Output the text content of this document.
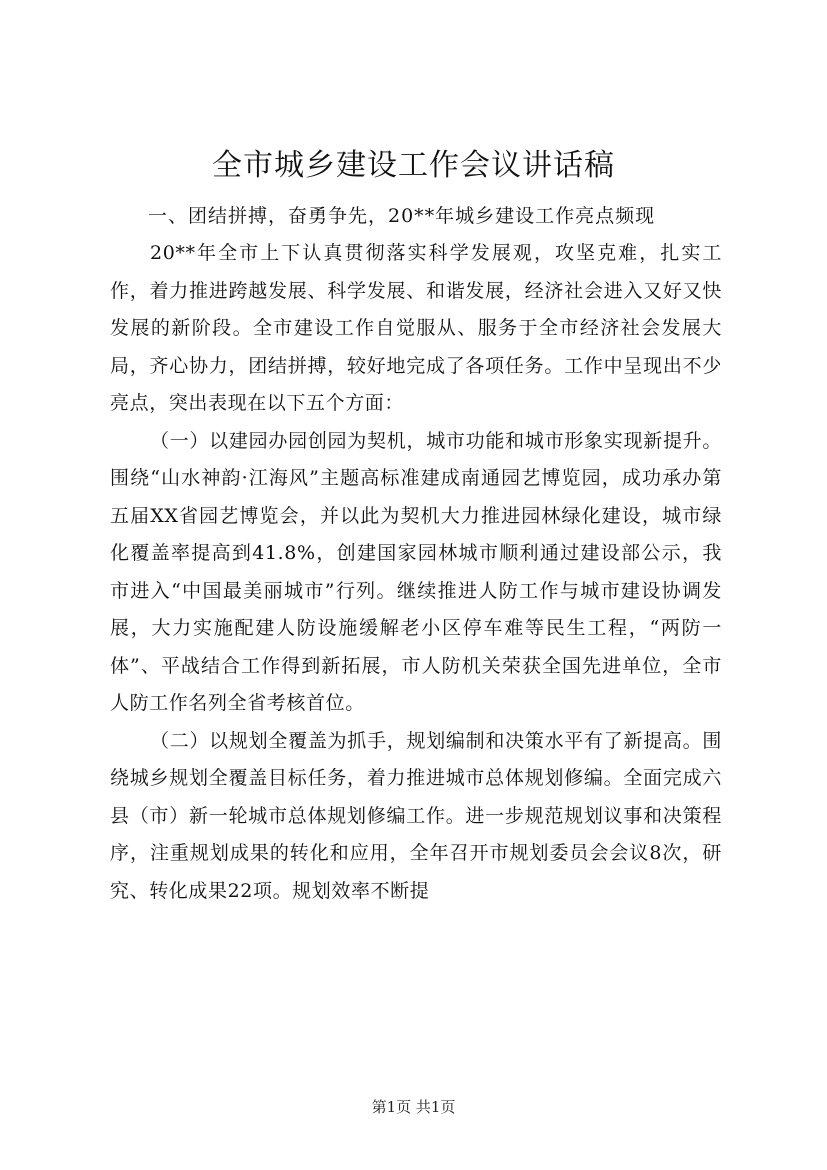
全市城乡建设工作会议讲话稿

一、团结拼搏，奋勇争先，20**年城乡建设工作亮点频现

20**年全市上下认真贯彻落实科学发展观，攻坚克难，扎实工作，着力推进跨越发展、科学发展、和谐发展，经济社会进入又好又快发展的新阶段。全市建设工作自觉服从、服务于全市经济社会发展大局，齐心协力，团结拼搏，较好地完成了各项任务。工作中呈现出不少亮点，突出表现在以下五个方面：

（一）以建园办园创园为契机，城市功能和城市形象实现新提升。围绕“山水神韵·江海风”主题高标准建成南通园艺博览园，成功承办第五届XX省园艺博览会，并以此为契机大力推进园林绿化建设，城市绿化覆盖率提高到41.8%，创建国家园林城市顺利通过建设部公示，我市进入“中国最美丽城市”行列。继续推进人防工作与城市建设协调发展，大力实施配建人防设施缓解老小区停车难等民生工程，“两防一体”、平战结合工作得到新拓展，市人防机关荣获全国先进单位，全市人防工作名列全省考核首位。

（二）以规划全覆盖为抓手，规划编制和决策水平有了新提高。围绕城乡规划全覆盖目标任务，着力推进城市总体规划修编。全面完成六县（市）新一轮城市总体规划修编工作。进一步规范规划议事和决策程序，注重规划成果的转化和应用，全年召开市规划委员会会议8次，研究、转化成果22项。规划效率不断提

第1页 共1页
